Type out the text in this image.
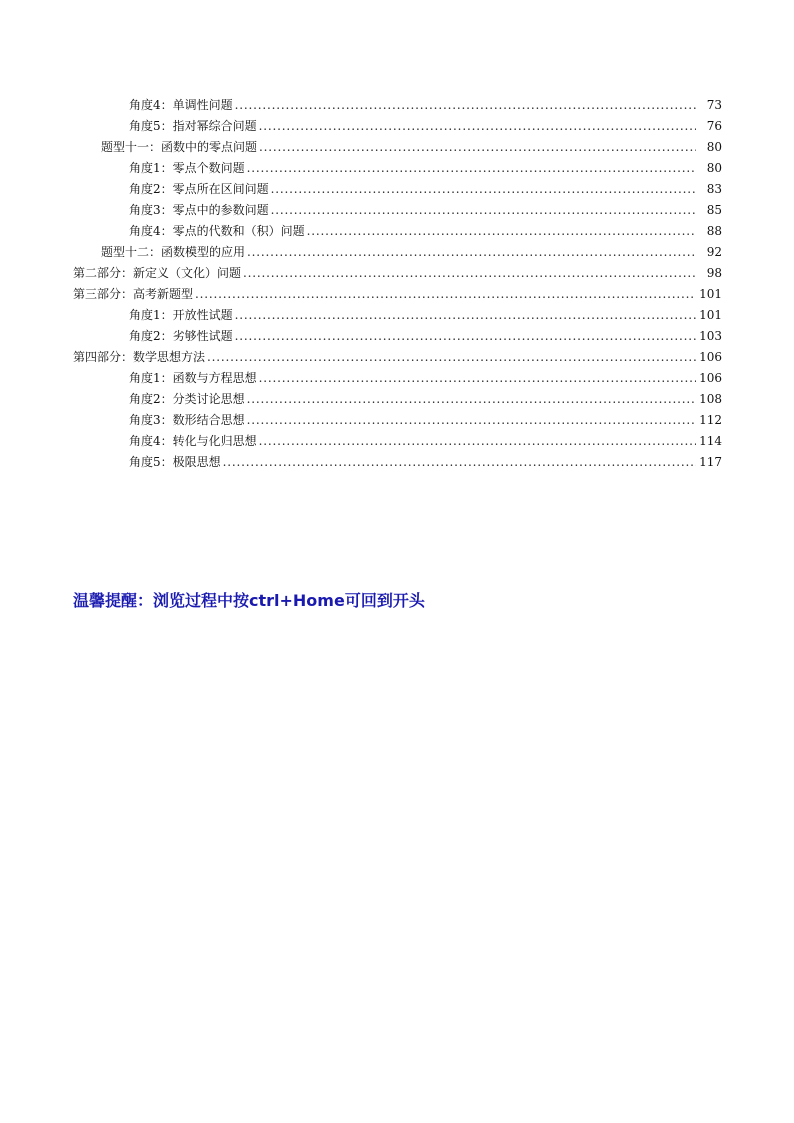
角度4：单调性问题 . . .	73
角度5：指对幂综合问题 . . .	76
题型十一：函数中的零点问题 . . .	80
角度1：零点个数问题 . . .	80
角度2：零点所在区间问题 . . .	83
角度3：零点中的参数问题 . . .	85
角度4：零点的代数和（积）问题 . . .	88
题型十二：函数模型的应用 . . .	92
第二部分：新定义（文化）问题 . . .	98
第三部分：高考新题型 . . .	101
角度1：开放性试题 . . .	101
角度2：劣够性试题 . . .	103
第四部分：数学思想方法 . . .	106
角度1：函数与方程思想 . . .	106
角度2：分类讨论思想 . . .	108
角度3：数形结合思想 . . .	112
角度4：转化与化归思想 . . .	114
角度5：极限思想 . . .	117
温馨提醒：浏览过程中按ctrl+Home可回到开头
